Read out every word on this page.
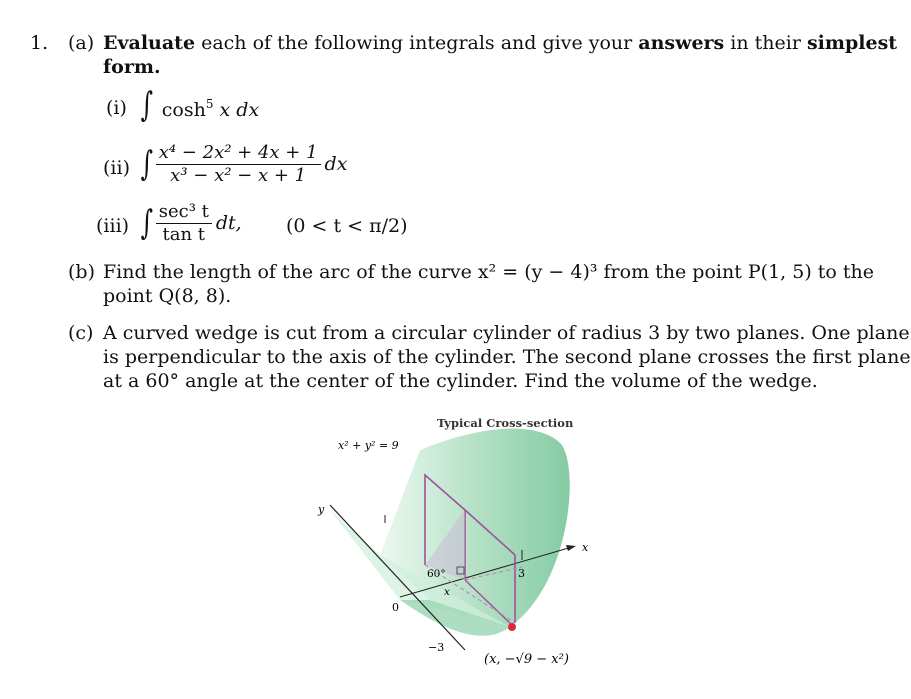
1. (a) Evaluate each of the following integrals and give your answers in their simplest
form.
(i) ∫ $\cosh^5 x$ dx
(ii) ∫ $\frac{\text{x⁴ − 2x² + 4x + 1}}{\text{x³ − x² − x + 1}}$ dx
(iii) ∫ $\frac{\text{sec³ t}}{\text{tan t}}$ dt, (0 < t < π/2)
(b) Find the length of the arc of the curve x² = (y − 4)³ from the point P(1, 5) to the
point Q(8, 8).
(c) A curved wedge is cut from a circular cylinder of radius 3 by two planes. One plane
is perpendicular to the axis of the cylinder. The second plane crosses the first plane
at a 60° angle at the center of the cylinder. Find the volume of the wedge.
Typical Cross-section
x² + y² = 9
y
x
0
3
−3
60°
x
(x, −√9 − x²)
